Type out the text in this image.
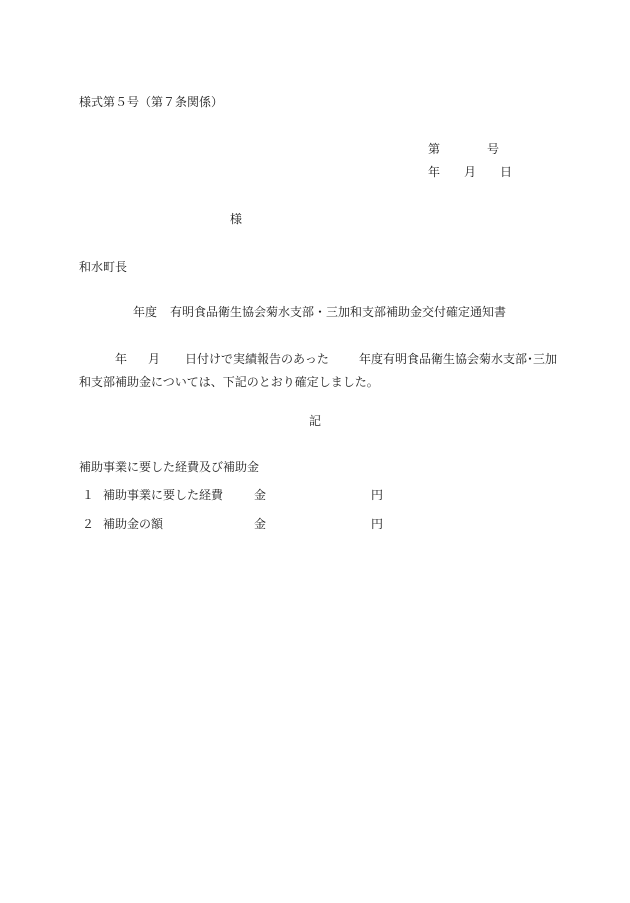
様式第５号（第７条関係）
第	号
年 月 日
様
和水町長
年度 有明食品衛生協会菊水支部・三加和支部補助金交付確定通知書
年 月 日付けで実績報告のあった	年度有明食品衛生協会菊水支部･三加
和支部補助金については、下記のとおり確定しました。
記
補助事業に要した経費及び補助金
１ 補助事業に要した経費	金	円
２ 補助金の額	金	円
